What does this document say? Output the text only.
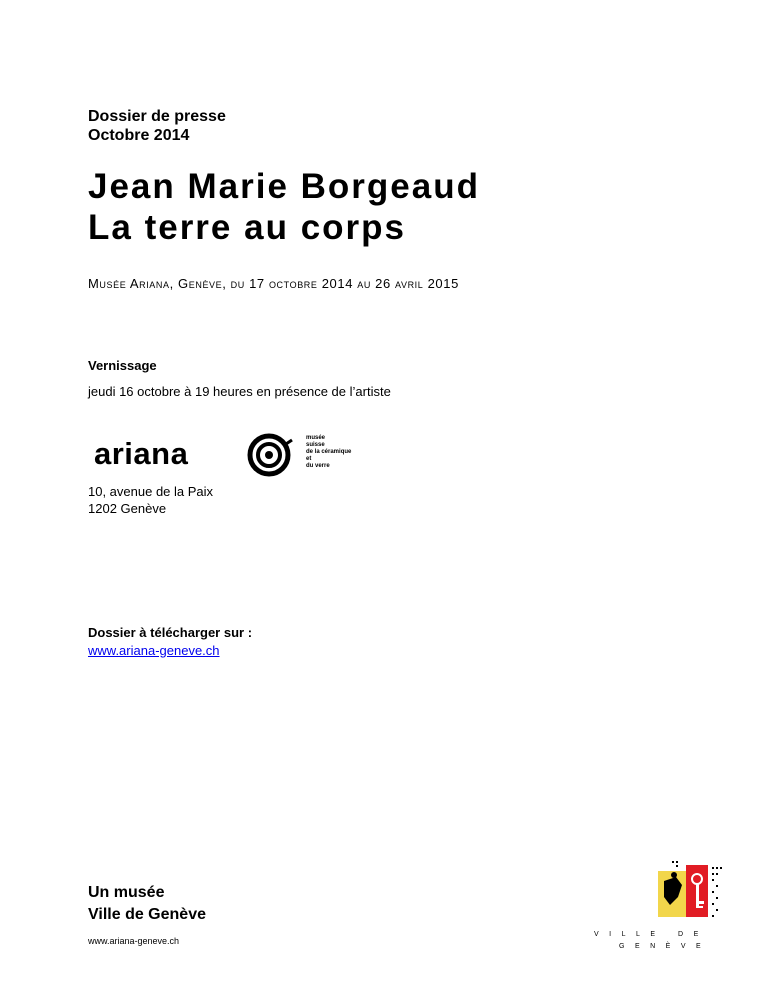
Dossier de presse
Octobre 2014
Jean Marie Borgeaud
La terre au corps
Musée Ariana, Genève, du 17 octobre 2014 au 26 avril 2015
Vernissage
jeudi 16 octobre à 19 heures en présence de l’artiste
ariana	musée
suisse
de la céramique
et
du verre
10, avenue de la Paix
1202 Genève
Dossier à télécharger sur :
www.ariana-geneve.ch
Un musée
Ville de Genève
www.ariana-geneve.ch
VILLE DE
GENÈVE
